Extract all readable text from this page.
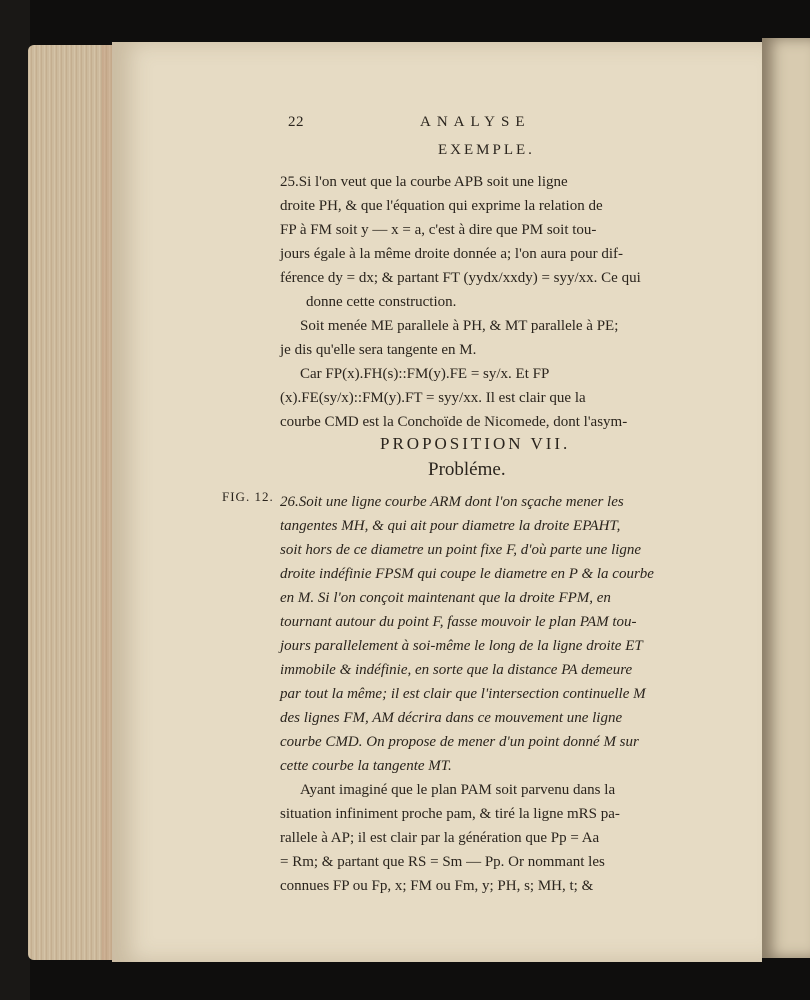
22	ANALYSE
EXEMPLE.
25.Si l'on veut que la courbe APB soit une ligne
droite PH, & que l'équation qui exprime la relation de
FP à FM soit y — x = a, c'est à dire que PM soit tou-
jours égale à la même droite donnée a; l'on aura pour dif-
férence dy = dx; & partant FT (yydx/xxdy) = syy/xx. Ce qui
donne cette construction.
Soit menée ME parallele à PH, & MT parallele à PE;
je dis qu'elle sera tangente en M.
Car FP(x).FH(s)::FM(y).FE = sy/x. Et FP
(x).FE(sy/x)::FM(y).FT = syy/xx. Il est clair que la
courbe CMD est la Conchoïde de Nicomede, dont l'asym-
PROPOSITION VII.
Probléme.
FIG. 12. 26.Soit une ligne courbe ARM dont l'on sçache mener les
tangentes MH, & qui ait pour diametre la droite EPAHT,
soit hors de ce diametre un point fixe F, d'où parte une ligne
droite indéfinie FPSM qui coupe le diametre en P & la courbe
en M. Si l'on conçoit maintenant que la droite FPM, en
tournant autour du point F, fasse mouvoir le plan PAM tou-
jours parallelement à soi-même le long de la ligne droite ET
immobile & indéfinie, en sorte que la distance PA demeure
par tout la même; il est clair que l'intersection continuelle M
des lignes FM, AM décrira dans ce mouvement une ligne
courbe CMD. On propose de mener d'un point donné M sur
cette courbe la tangente MT.
Ayant imaginé que le plan PAM soit parvenu dans la
situation infiniment proche pam, & tiré la ligne mRS pa-
rallele à AP; il est clair par la génération que Pp = Aa
= Rm; & partant que RS = Sm — Pp. Or nommant les
connues FP ou Fp, x; FM ou Fm, y; PH, s; MH, t; &
